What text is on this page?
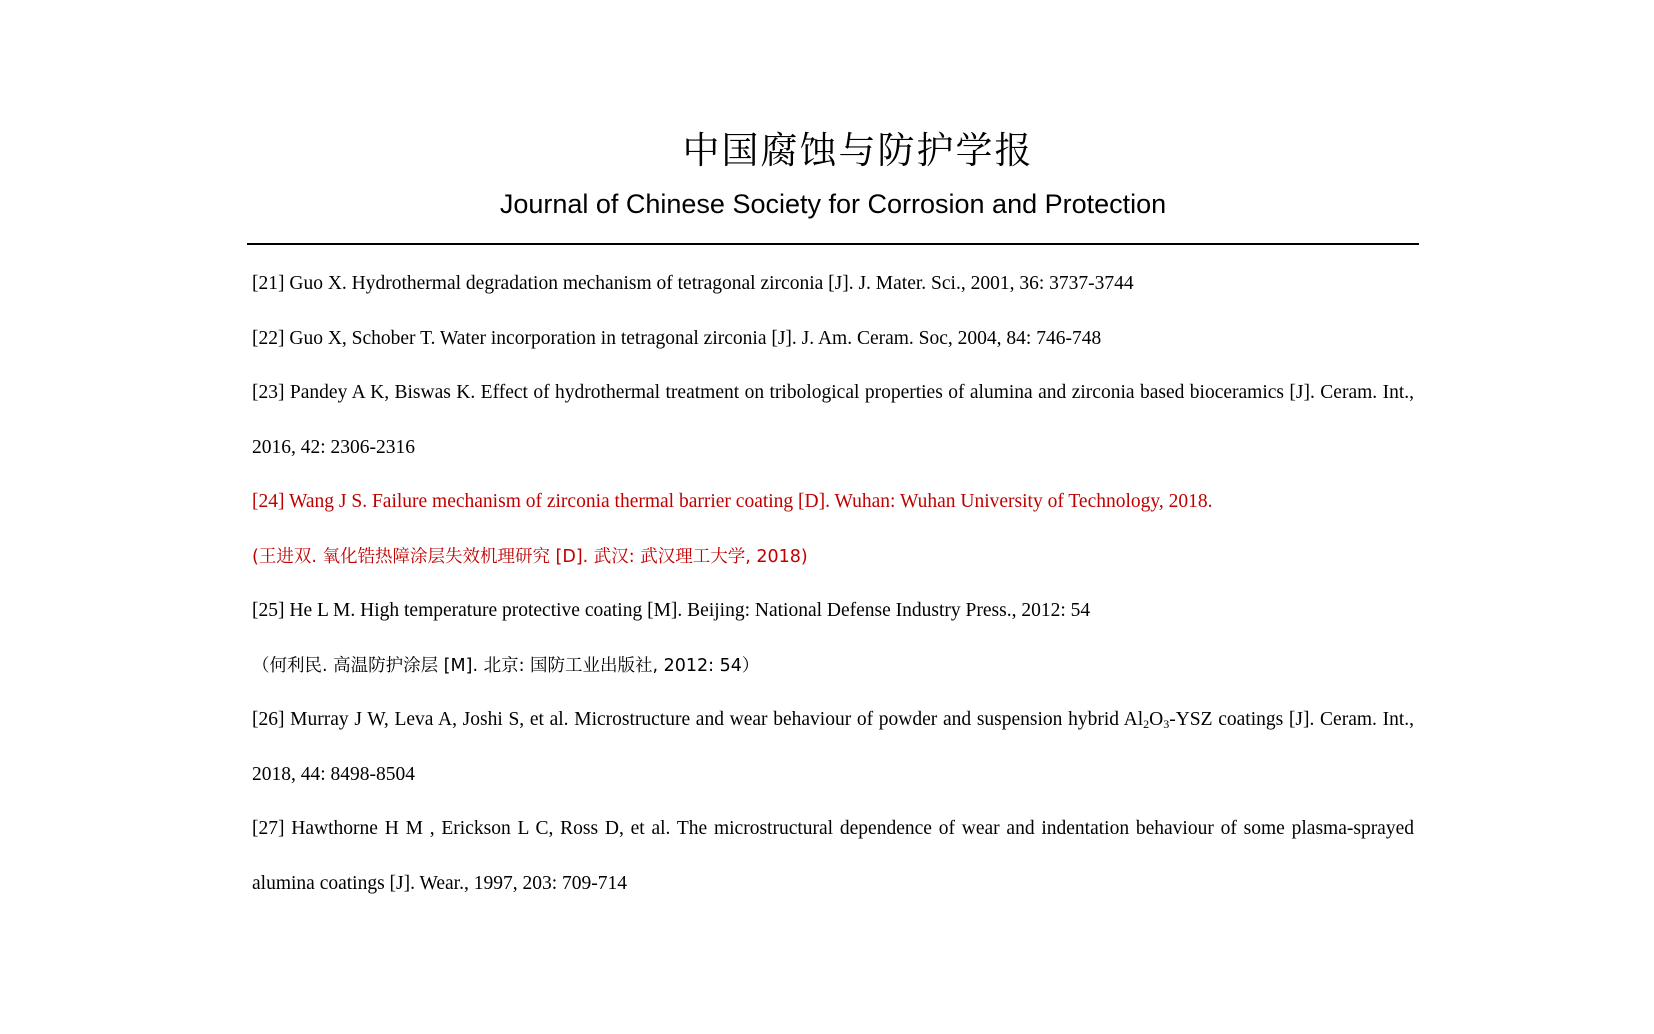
中国腐蚀与防护学报
Journal of Chinese Society for Corrosion and Protection

[21] Guo X. Hydrothermal degradation mechanism of tetragonal zirconia [J]. J. Mater. Sci., 2001, 36: 3737-3744

[22] Guo X, Schober T. Water incorporation in tetragonal zirconia [J]. J. Am. Ceram. Soc, 2004, 84: 746-748

[23] Pandey A K, Biswas K. Effect of hydrothermal treatment on tribological properties of alumina and zirconia based bioceramics [J]. Ceram. Int., 2016, 42: 2306-2316

[24] Wang J S. Failure mechanism of zirconia thermal barrier coating [D]. Wuhan: Wuhan University of Technology, 2018.

(王进双. 氧化锆热障涂层失效机理研究 [D]. 武汉: 武汉理工大学, 2018)

[25] He L M. High temperature protective coating [M]. Beijing: National Defense Industry Press., 2012: 54

（何利民. 高温防护涂层 [M]. 北京: 国防工业出版社, 2012: 54）

[26] Murray J W, Leva A, Joshi S, et al. Microstructure and wear behaviour of powder and suspension hybrid $Al_2O_3$-YSZ coatings [J]. Ceram. Int., 2018, 44: 8498-8504

[27] Hawthorne H M , Erickson L C, Ross D, et al. The microstructural dependence of wear and indentation behaviour of some plasma-sprayed alumina coatings [J]. Wear., 1997, 203: 709-714
